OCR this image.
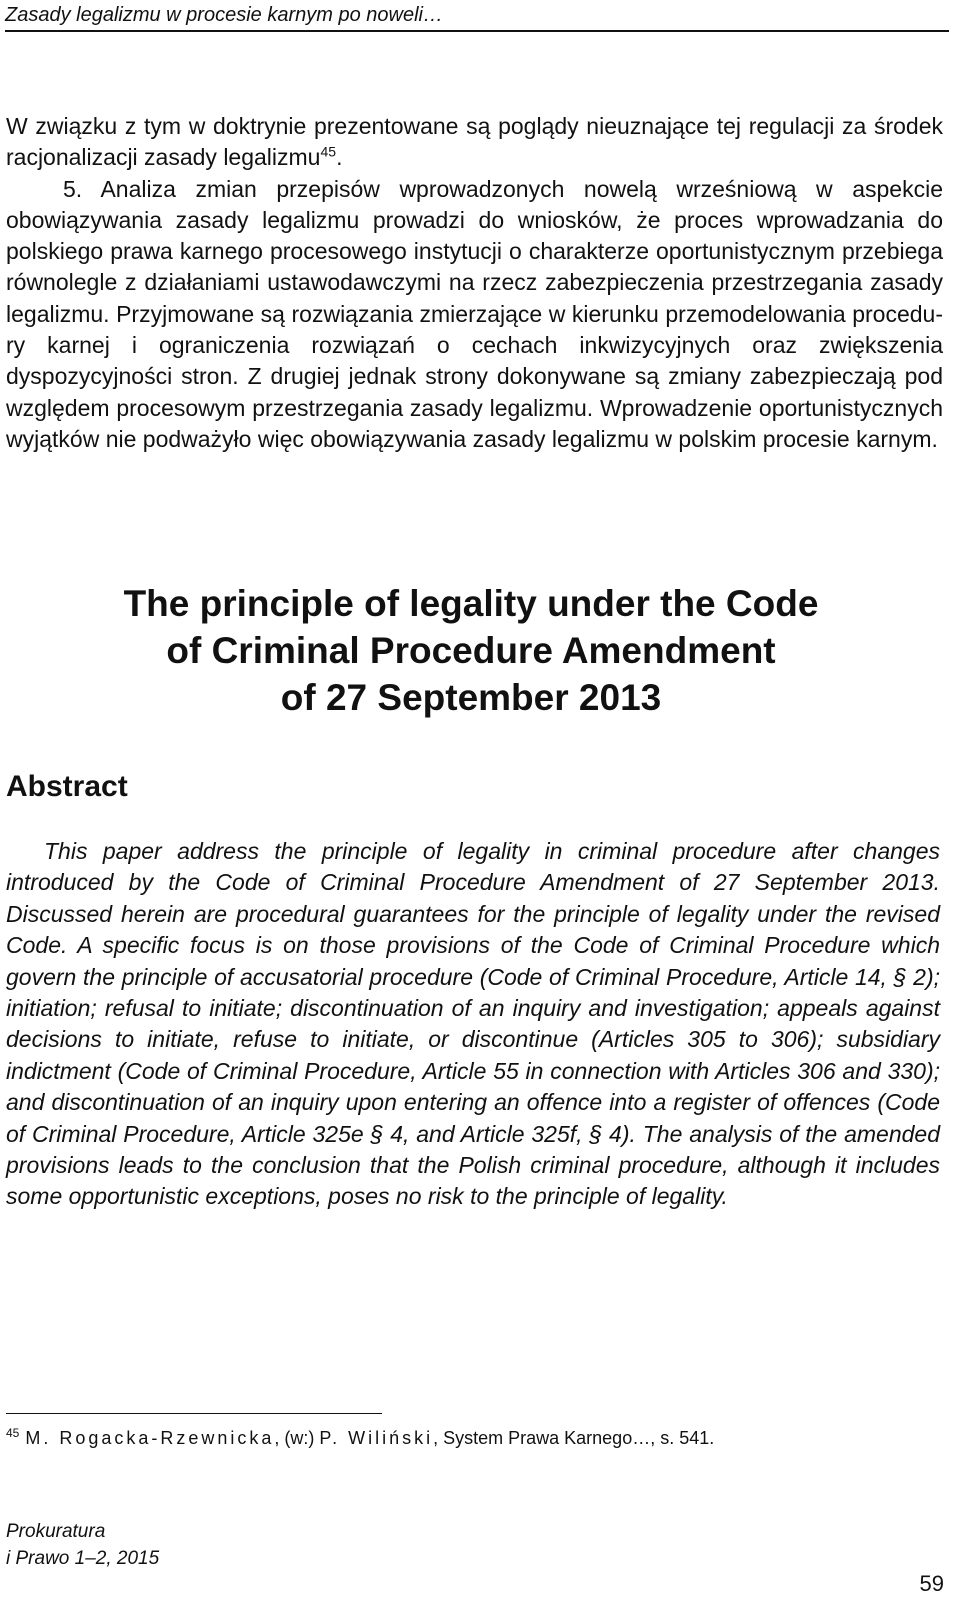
Zasady legalizmu w procesie karnym po noweli…

W związku z tym w doktrynie prezentowane są poglądy nieuznające tej regulacji za środek racjonalizacji zasady legalizmu$^{45}$.

5. Analiza zmian przepisów wprowadzonych nowelą wrześniową w aspekcie obowiązywania zasady legalizmu prowadzi do wniosków, że proces wprowadzania do polskiego prawa karnego procesowego instytucji o charakterze oportunistycznym przebiega równolegle z działaniami ustawodawczymi na rzecz zabezpieczenia przestrzegania zasady legalizmu. Przyjmowane są rozwiązania zmierzające w kierunku przemodelowania procedury karnej i ograniczenia rozwiązań o cechach inkwizycyjnych oraz zwiększenia dyspozycyjności stron. Z drugiej jednak strony dokonywane są zmiany zabezpieczają pod względem procesowym przestrzegania zasady legalizmu. Wprowadzenie oportunistycznych wyjątków nie podważyło więc obowiązywania zasady legalizmu w polskim procesie karnym.

The principle of legality under the Code
of Criminal Procedure Amendment
of 27 September 2013
Abstract

This paper address the principle of legality in criminal procedure after changes introduced by the Code of Criminal Procedure Amendment of 27 September 2013. Discussed herein are procedural guarantees for the principle of legality under the revised Code. A specific focus is on those provisions of the Code of Criminal Procedure which govern the principle of accusatorial procedure (Code of Criminal Procedure, Article 14, § 2); initiation; refusal to initiate; discontinuation of an inquiry and investigation; appeals against decisions to initiate, refuse to initiate, or discontinue (Articles 305 to 306); subsidiary indictment (Code of Criminal Procedure, Article 55 in connection with Articles 306 and 330); and discontinuation of an inquiry upon entering an offence into a register of offences (Code of Criminal Procedure, Article 325e § 4, and Article 325f, § 4). The analysis of the amended provisions leads to the conclusion that the Polish criminal procedure, although it includes some opportunistic exceptions, poses no risk to the principle of legality.

$^{45}$ M. Rogacka-Rzewnicka, (w:) P. Wiliński, System Prawa Karnego…, s. 541.
Prokuratura
i Prawo 1–2, 2015
59
